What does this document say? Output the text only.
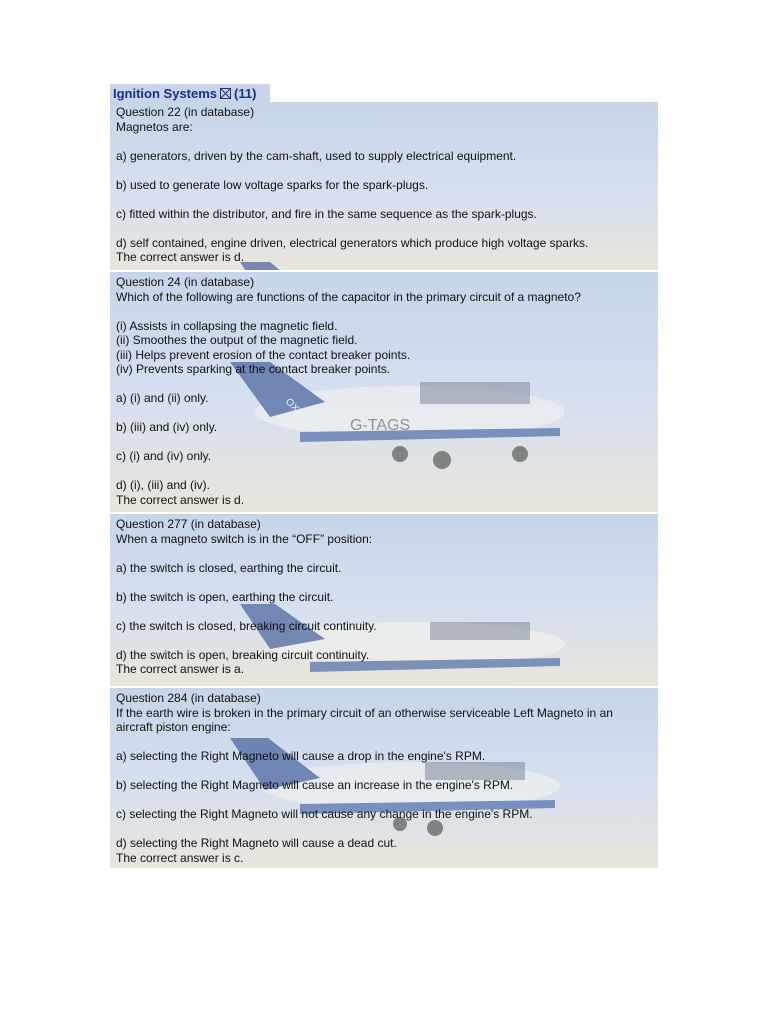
Ignition Systems (11)
Question 22 (in database)
Magnetos are:
a) generators, driven by the cam-shaft, used to supply electrical equipment.
b) used to generate low voltage sparks for the spark-plugs.
c) fitted within the distributor, and fire in the same sequence as the spark-plugs.
d) self contained, engine driven, electrical generators which produce high voltage sparks.
The correct answer is d.
OXFORD G-TAGS
Question 24 (in database)
Which of the following are functions of the capacitor in the primary circuit of a magneto?
(i) Assists in collapsing the magnetic field.
(ii) Smoothes the output of the magnetic field.
(iii) Helps prevent erosion of the contact breaker points.
(iv) Prevents sparking at the contact breaker points.
a) (i) and (ii) only.
b) (iii) and (iv) only.
c) (i) and (iv) only.
d) (i), (iii) and (iv).
The correct answer is d.
Question 277 (in database)
When a magneto switch is in the “OFF” position:
a) the switch is closed, earthing the circuit.
b) the switch is open, earthing the circuit.
c) the switch is closed, breaking circuit continuity.
d) the switch is open, breaking circuit continuity.
The correct answer is a.
Question 284 (in database)
If the earth wire is broken in the primary circuit of an otherwise serviceable Left Magneto in an
aircraft piston engine:
a) selecting the Right Magneto will cause a drop in the engine's RPM.
b) selecting the Right Magneto will cause an increase in the engine's RPM.
c) selecting the Right Magneto will not cause any change in the engine's RPM.
d) selecting the Right Magneto will cause a dead cut.
The correct answer is c.
